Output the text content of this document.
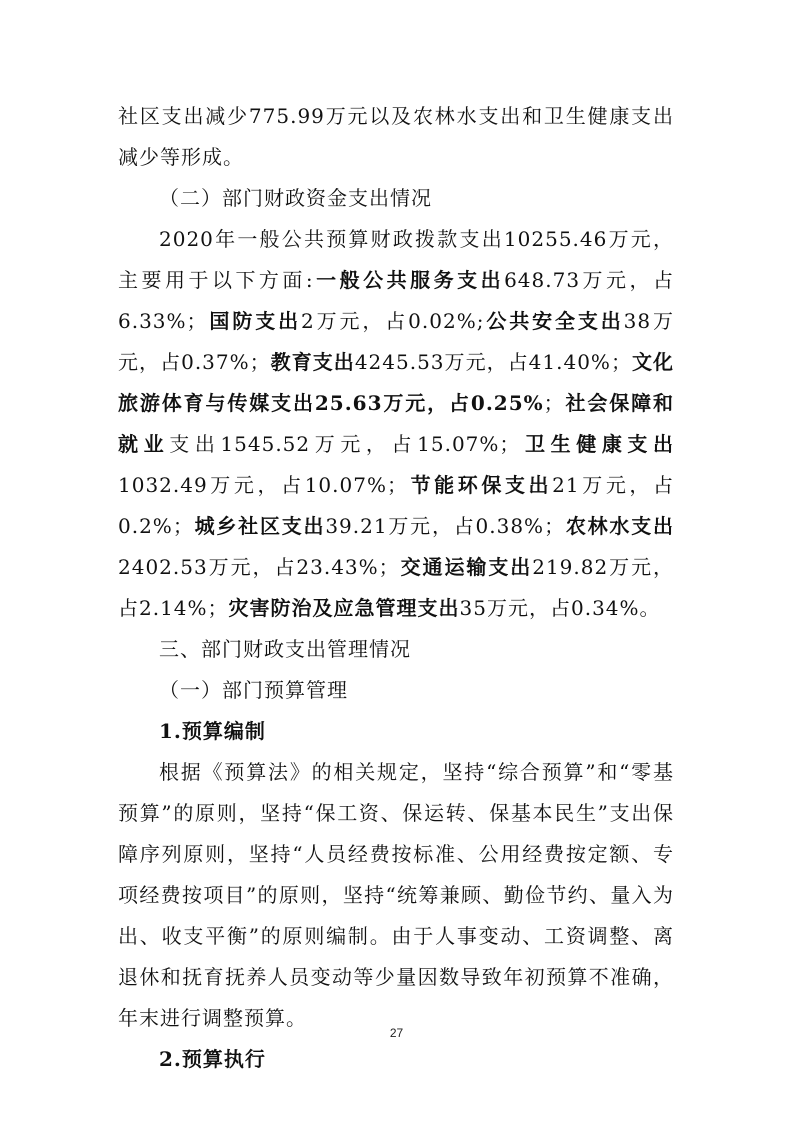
社区支出减少775.99万元以及农林水支出和卫生健康支出减少等形成。

（二）部门财政资金支出情况

2020年一般公共预算财政拨款支出10255.46万元，主要用于以下方面:一般公共服务支出648.73万元，占6.33%；国防支出2万元，占0.02%;公共安全支出38万元，占0.37%；教育支出4245.53万元，占41.40%；文化旅游体育与传媒支出25.63万元，占0.25%；社会保障和就业支出1545.52万元，占15.07%；卫生健康支出1032.49万元，占10.07%；节能环保支出21万元，占0.2%；城乡社区支出39.21万元，占0.38%；农林水支出2402.53万元，占23.43%；交通运输支出219.82万元，占2.14%；灾害防治及应急管理支出35万元，占0.34%。

三、部门财政支出管理情况

（一）部门预算管理

1.预算编制

根据《预算法》的相关规定，坚持“综合预算”和“零基预算”的原则，坚持“保工资、保运转、保基本民生”支出保障序列原则，坚持“人员经费按标准、公用经费按定额、专项经费按项目”的原则，坚持“统筹兼顾、勤俭节约、量入为出、收支平衡”的原则编制。由于人事变动、工资调整、离退休和抚育抚养人员变动等少量因数导致年初预算不准确，年末进行调整预算。

2.预算执行

27
